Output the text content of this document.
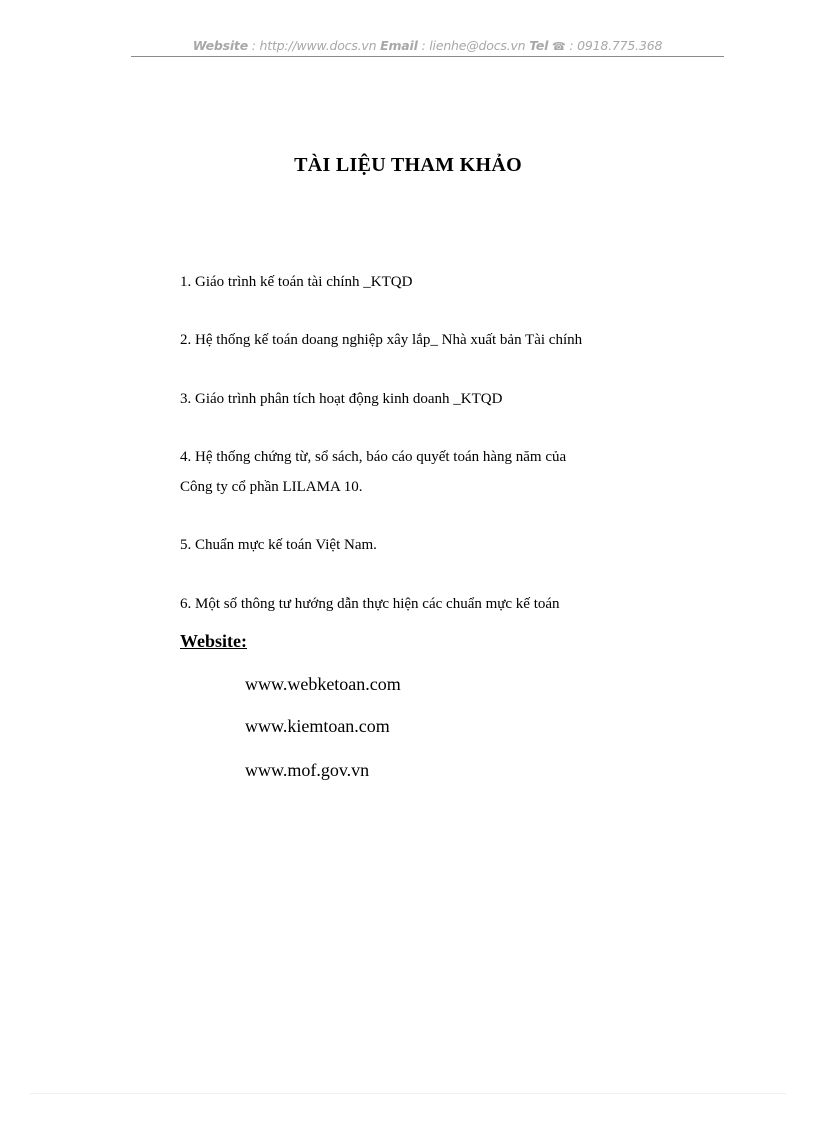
Website : http://www.docs.vn Email : lienhe@docs.vn Tel ☎ : 0918.775.368
TÀI LIỆU THAM KHẢO
1. Giáo trình kế toán tài chính _KTQD
2. Hệ thống kế toán doang nghiệp xây lắp_ Nhà xuất bản Tài chính
3. Giáo trình phân tích hoạt động kinh doanh _KTQD
4. Hệ thống chứng từ, sổ sách, báo cáo quyết toán hàng năm của
Công ty cổ phần LILAMA 10.
5. Chuẩn mực kế toán Việt Nam.
6. Một số thông tư hướng dẫn thực hiện các chuẩn mực kế toán
Website:
www.webketoan.com
www.kiemtoan.com
www.mof.gov.vn
